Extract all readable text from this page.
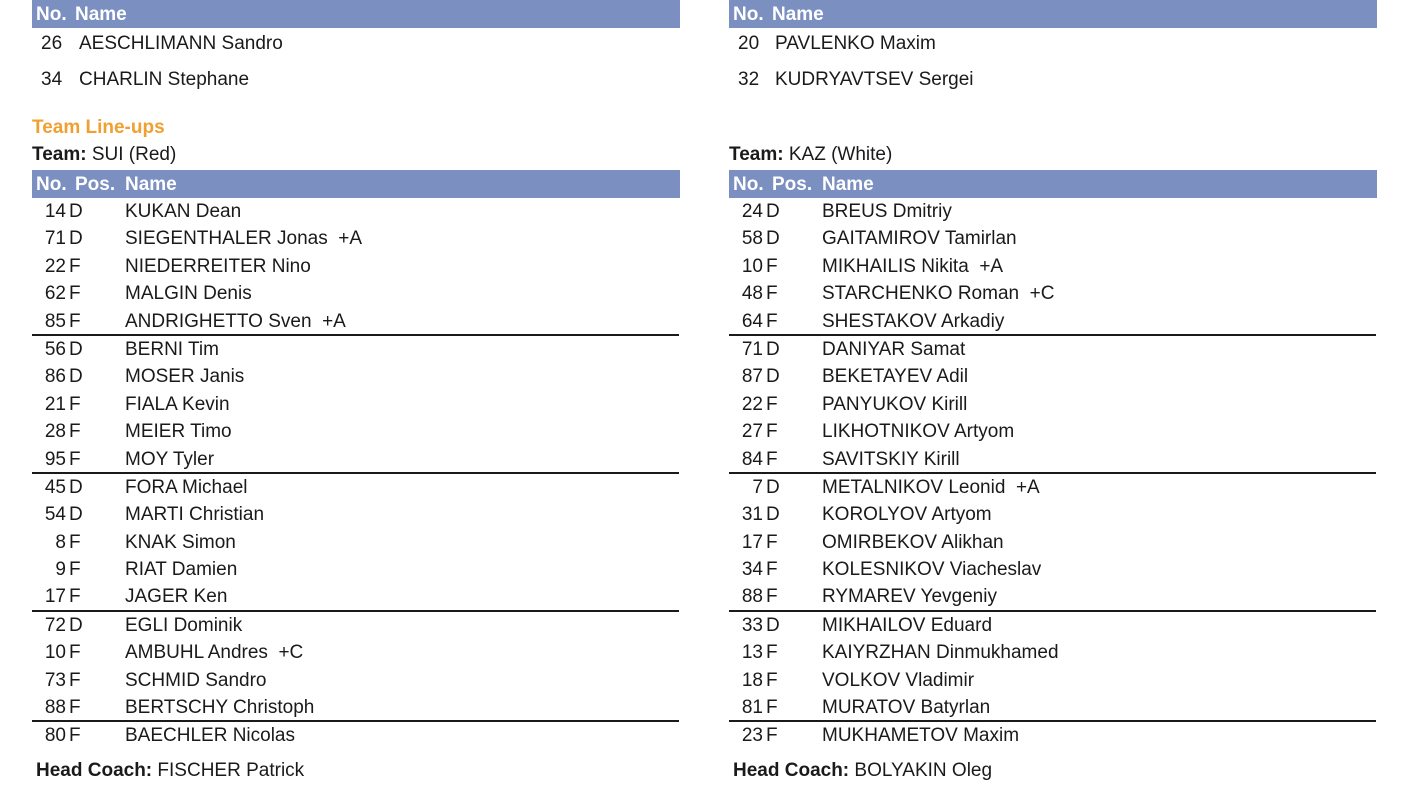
No. Name
26 AESCHLIMANN Sandro
34 CHARLIN Stephane
Team Line-ups
Team: SUI (Red)
No. Pos. Name
14 D KUKAN Dean
71 D SIEGENTHALER Jonas  +A
22 F NIEDERREITER Nino
62 F MALGIN Denis
85 F ANDRIGHETTO Sven  +A
56 D BERNI Tim
86 D MOSER Janis
21 F FIALA Kevin
28 F MEIER Timo
95 F MOY Tyler
45 D FORA Michael
54 D MARTI Christian
8 F KNAK Simon
9 F RIAT Damien
17 F JAGER Ken
72 D EGLI Dominik
10 F AMBUHL Andres  +C
73 F SCHMID Sandro
88 F BERTSCHY Christoph
80 F BAECHLER Nicolas
Head Coach: FISCHER Patrick
No. Name
20 PAVLENKO Maxim
32 KUDRYAVTSEV Sergei
Team: KAZ (White)
No. Pos. Name
24 D BREUS Dmitriy
58 D GAITAMIROV Tamirlan
10 F MIKHAILIS Nikita  +A
48 F STARCHENKO Roman  +C
64 F SHESTAKOV Arkadiy
71 D DANIYAR Samat
87 D BEKETAYEV Adil
22 F PANYUKOV Kirill
27 F LIKHOTNIKOV Artyom
84 F SAVITSKIY Kirill
7 D METALNIKOV Leonid  +A
31 D KOROLYOV Artyom
17 F OMIRBEKOV Alikhan
34 F KOLESNIKOV Viacheslav
88 F RYMAREV Yevgeniy
33 D MIKHAILOV Eduard
13 F KAIYRZHAN Dinmukhamed
18 F VOLKOV Vladimir
81 F MURATOV Batyrlan
23 F MUKHAMETOV Maxim
Head Coach: BOLYAKIN Oleg
